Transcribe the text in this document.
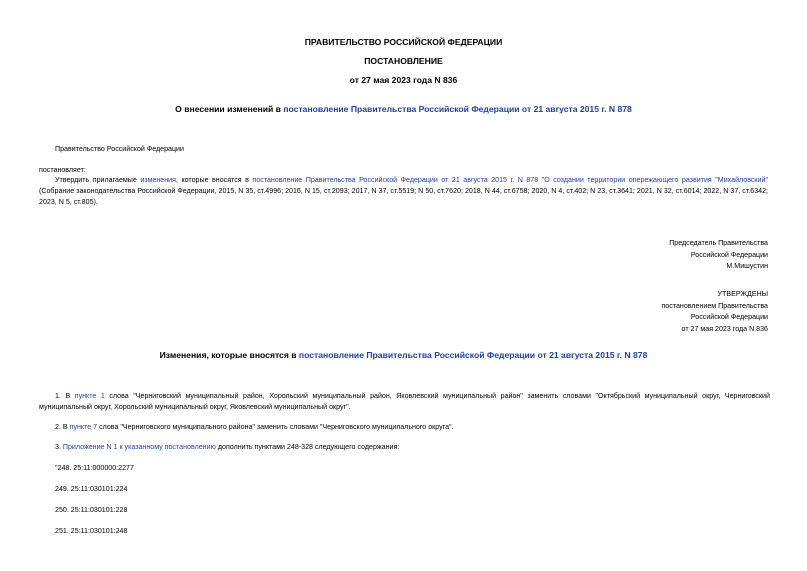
ПРАВИТЕЛЬСТВО РОССИЙСКОЙ ФЕДЕРАЦИИ
ПОСТАНОВЛЕНИЕ
от 27 мая 2023 года N 836
О внесении изменений в постановление Правительства Российской Федерации от 21 августа 2015 г. N 878
Правительство Российской Федерации
постановляет:
Утвердить прилагаемые изменения, которые вносятся в постановление Правительства Российской Федерации от 21 августа 2015 г. N 878 "О создании территории опережающего развития "Михайловский" (Собрание законодательства Российской Федерации, 2015, N 35, ст.4996; 2016, N 15, ст.2093; 2017, N 37, ст.5519; N 50, ст.7620; 2018, N 44, ст.6758; 2020, N 4, ст.402; N 23, ст.3641; 2021, N 32, ст.6014; 2022, N 37, ст.6342; 2023, N 5, ст.805).
Председатель Правительства
Российской Федерации
М.Мишустин
УТВЕРЖДЕНЫ
постановлением Правительства
Российской Федерации
от 27 мая 2023 года N 836
Изменения, которые вносятся в постановление Правительства Российской Федерации от 21 августа 2015 г. N 878
1. В пункте 1 слова "Черниговский муниципальный район, Хорольский муниципальный район, Яковлевский муниципальный район" заменить словами "Октябрьский муниципальный округ, Черниговский муниципальный округ, Хорольский муниципальный округ, Яковлевский муниципальный округ".
2. В пункте 7 слова "Черниговского муниципального района" заменить словами "Черниговского муниципального округа".
3. Приложение N 1 к указанному постановлению дополнить пунктами 248-328 следующего содержания:
"248. 25:11:000000:2277
249. 25:11:030101:224
250. 25:11:030101:228
251. 25:11:030101:248
